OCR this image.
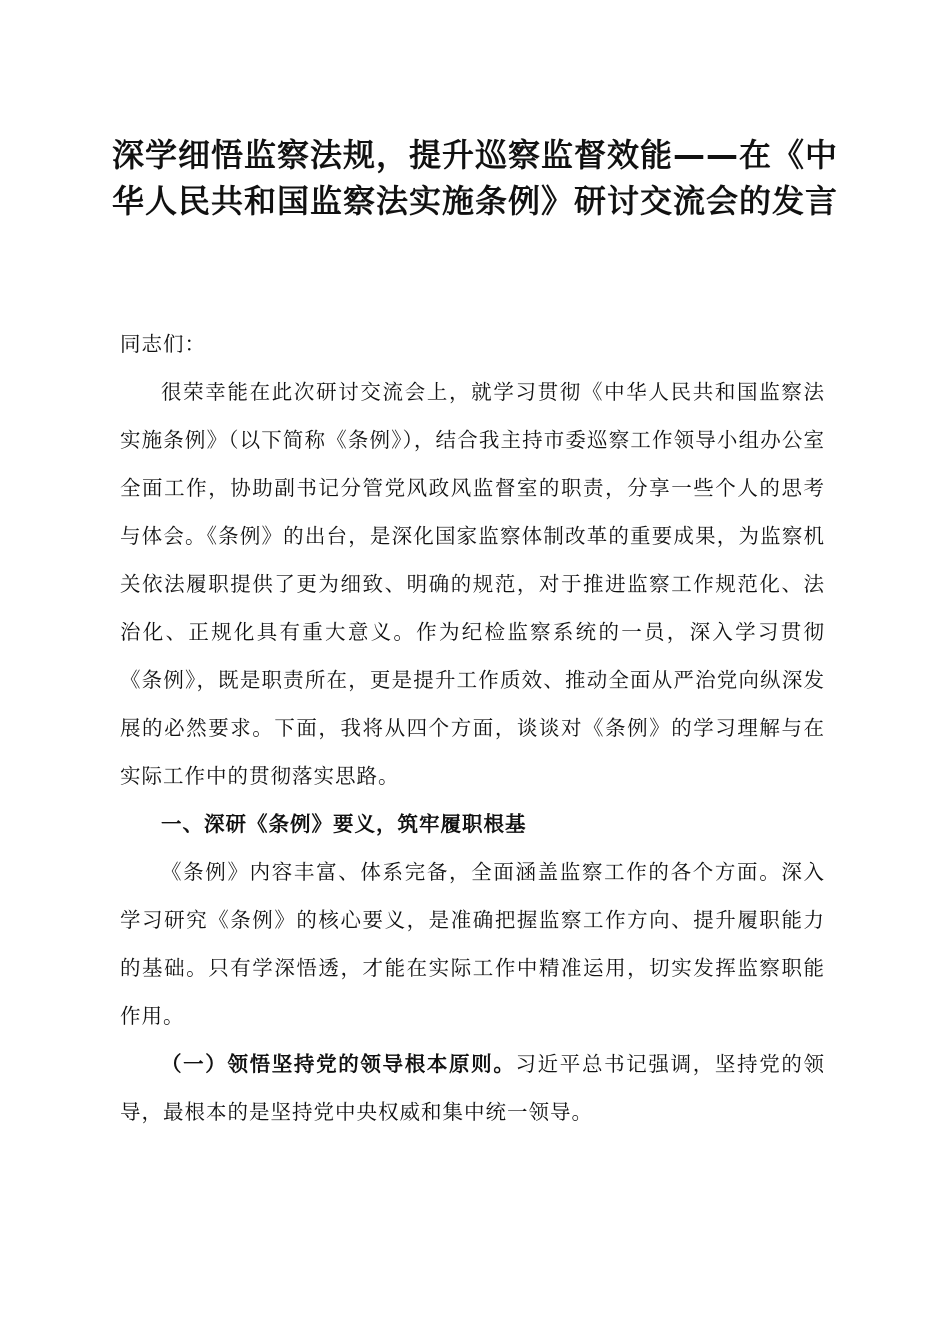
深学细悟监察法规，提升巡察监督效能——在《中华人民共和国监察法实施条例》研讨交流会的发言

同志们：

很荣幸能在此次研讨交流会上，就学习贯彻《中华人民共和国监察法实施条例》（以下简称《条例》），结合我主持市委巡察工作领导小组办公室全面工作，协助副书记分管党风政风监督室的职责，分享一些个人的思考与体会。《条例》的出台，是深化国家监察体制改革的重要成果，为监察机关依法履职提供了更为细致、明确的规范，对于推进监察工作规范化、法治化、正规化具有重大意义。作为纪检监察系统的一员，深入学习贯彻《条例》，既是职责所在，更是提升工作质效、推动全面从严治党向纵深发展的必然要求。下面，我将从四个方面，谈谈对《条例》的学习理解与在实际工作中的贯彻落实思路。

一、深研《条例》要义，筑牢履职根基

《条例》内容丰富、体系完备，全面涵盖监察工作的各个方面。深入学习研究《条例》的核心要义，是准确把握监察工作方向、提升履职能力的基础。只有学深悟透，才能在实际工作中精准运用，切实发挥监察职能作用。

（一）领悟坚持党的领导根本原则。习近平总书记强调，坚持党的领导，最根本的是坚持党中央权威和集中统一领导。
